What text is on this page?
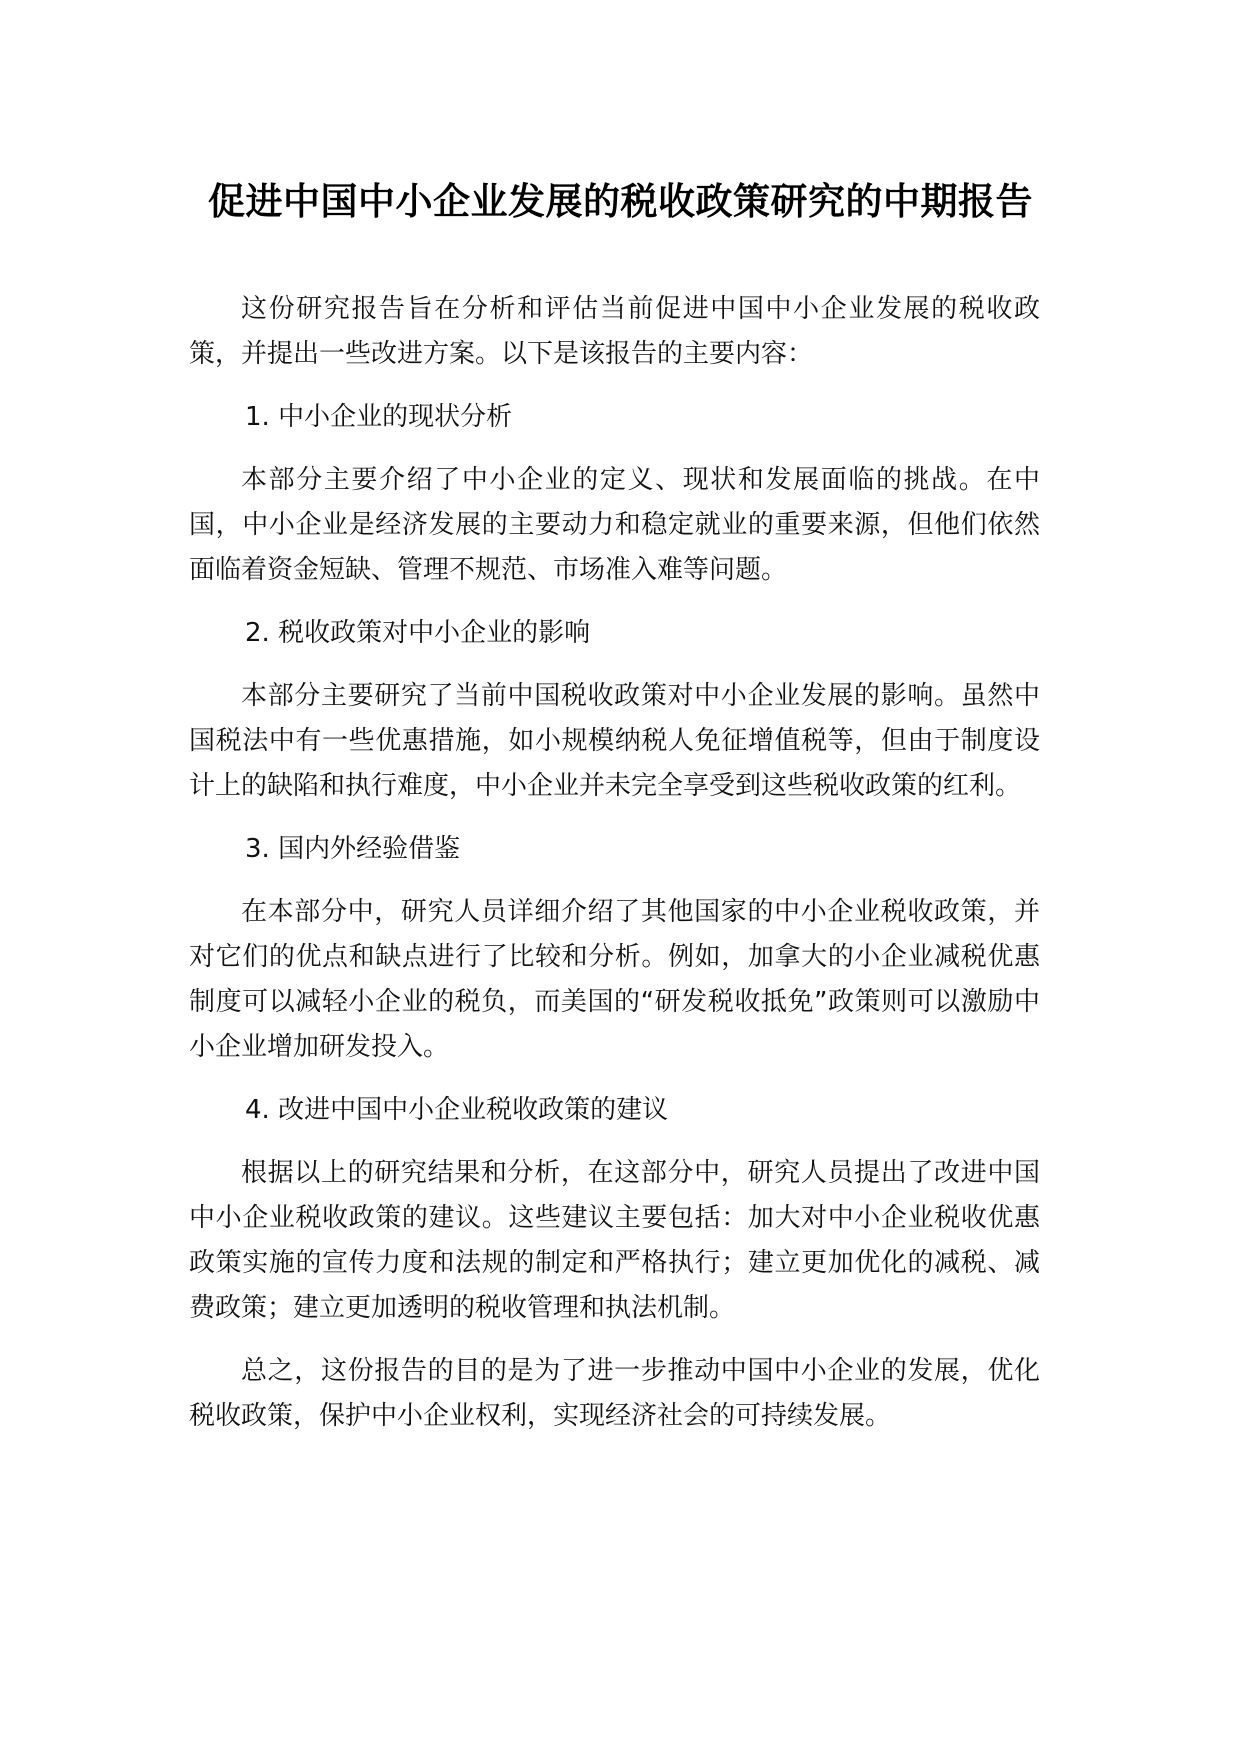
促进中国中小企业发展的税收政策研究的中期报告

这份研究报告旨在分析和评估当前促进中国中小企业发展的税收政策，并提出一些改进方案。以下是该报告的主要内容：

1. 中小企业的现状分析

本部分主要介绍了中小企业的定义、现状和发展面临的挑战。在中国，中小企业是经济发展的主要动力和稳定就业的重要来源，但他们依然面临着资金短缺、管理不规范、市场准入难等问题。

2. 税收政策对中小企业的影响

本部分主要研究了当前中国税收政策对中小企业发展的影响。虽然中国税法中有一些优惠措施，如小规模纳税人免征增值税等，但由于制度设计上的缺陷和执行难度，中小企业并未完全享受到这些税收政策的红利。

3. 国内外经验借鉴

在本部分中，研究人员详细介绍了其他国家的中小企业税收政策，并对它们的优点和缺点进行了比较和分析。例如，加拿大的小企业减税优惠制度可以减轻小企业的税负，而美国的“研发税收抵免”政策则可以激励中小企业增加研发投入。

4. 改进中国中小企业税收政策的建议

根据以上的研究结果和分析，在这部分中，研究人员提出了改进中国中小企业税收政策的建议。这些建议主要包括：加大对中小企业税收优惠政策实施的宣传力度和法规的制定和严格执行；建立更加优化的减税、减费政策；建立更加透明的税收管理和执法机制。

总之，这份报告的目的是为了进一步推动中国中小企业的发展，优化税收政策，保护中小企业权利，实现经济社会的可持续发展。
